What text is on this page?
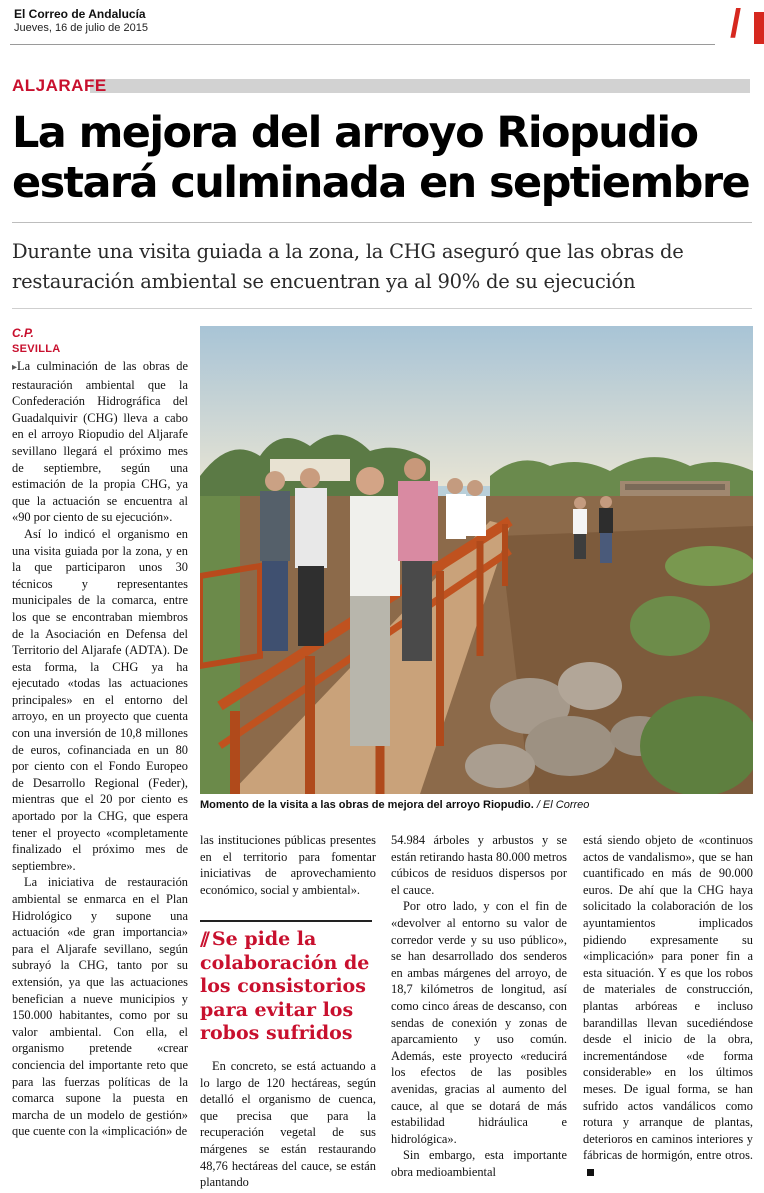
El Correo de Andalucía
Jueves, 16 de julio de 2015	/
ALJARAFE
La mejora del arroyo Riopudio estará culminada en septiembre

Durante una visita guiada a la zona, la CHG aseguró que las obras de restauración ambiental se encuentran ya al 90% de su ejecución

C.P.
SEVILLA

▸La culminación de las obras de restauración ambiental que la Confederación Hidrográfica del Guadalquivir (CHG) lleva a cabo en el arroyo Riopudio del Aljarafe sevillano llegará el próximo mes de septiembre, según una estimación de la propia CHG, ya que la actuación se encuentra al «90 por ciento de su ejecución».

Así lo indicó el organismo en una visita guiada por la zona, y en la que participaron unos 30 técnicos y representantes municipales de la comarca, entre los que se encontraban miembros de la Asociación en Defensa del Territorio del Aljarafe (ADTA). De esta forma, la CHG ya ha ejecutado «todas las actuaciones principales» en el entorno del arroyo, en un proyecto que cuenta con una inversión de 10,8 millones de euros, cofinanciada en un 80 por ciento con el Fondo Europeo de Desarrollo Regional (Feder), mientras que el 20 por ciento es aportado por la CHG, que espera tener el proyecto «completamente finalizado el próximo mes de septiembre».

La iniciativa de restauración ambiental se enmarca en el Plan Hidrológico y supone una actuación «de gran importancia» para el Aljarafe sevillano, según subrayó la CHG, tanto por su extensión, ya que las actuaciones benefician a nueve municipios y 150.000 habitantes, como por su valor ambiental. Con ella, el organismo pretende «crear conciencia del importante reto que para las fuerzas políticas de la comarca supone la puesta en marcha de un modelo de gestión» que cuente con la «implicación» de

Momento de la visita a las obras de mejora del arroyo Riopudio. / El Correo

las instituciones públicas presentes en el territorio para fomentar iniciativas de aprovechamiento económico, social y ambiental».

// Se pide la colaboración de los consistorios para evitar los robos sufridos

En concreto, se está actuando a lo largo de 120 hectáreas, según detalló el organismo de cuenca, que precisa que para la recuperación vegetal de sus márgenes se están restaurando 48,76 hectáreas del cauce, se están plantando

54.984 árboles y arbustos y se están retirando hasta 80.000 metros cúbicos de residuos dispersos por el cauce.

Por otro lado, y con el fin de «devolver al entorno su valor de corredor verde y su uso público», se han desarrollado dos senderos en ambas márgenes del arroyo, de 18,7 kilómetros de longitud, así como cinco áreas de descanso, con sendas de conexión y zonas de aparcamiento y uso común. Además, este proyecto «reducirá los efectos de las posibles avenidas, gracias al aumento del cauce, al que se dotará de más estabilidad hidráulica e hidrológica».

Sin embargo, esta importante obra medioambiental

está siendo objeto de «continuos actos de vandalismo», que se han cuantificado en más de 90.000 euros. De ahí que la CHG haya solicitado la colaboración de los ayuntamientos implicados pidiendo expresamente su «implicación» para poner fin a esta situación. Y es que los robos de materiales de construcción, plantas arbóreas e incluso barandillas llevan sucediéndose desde el inicio de la obra, incrementándose «de forma considerable» en los últimos meses. De igual forma, se han sufrido actos vandálicos como rotura y arranque de plantas, deterioros en caminos interiores y fábricas de hormigón, entre otros.
